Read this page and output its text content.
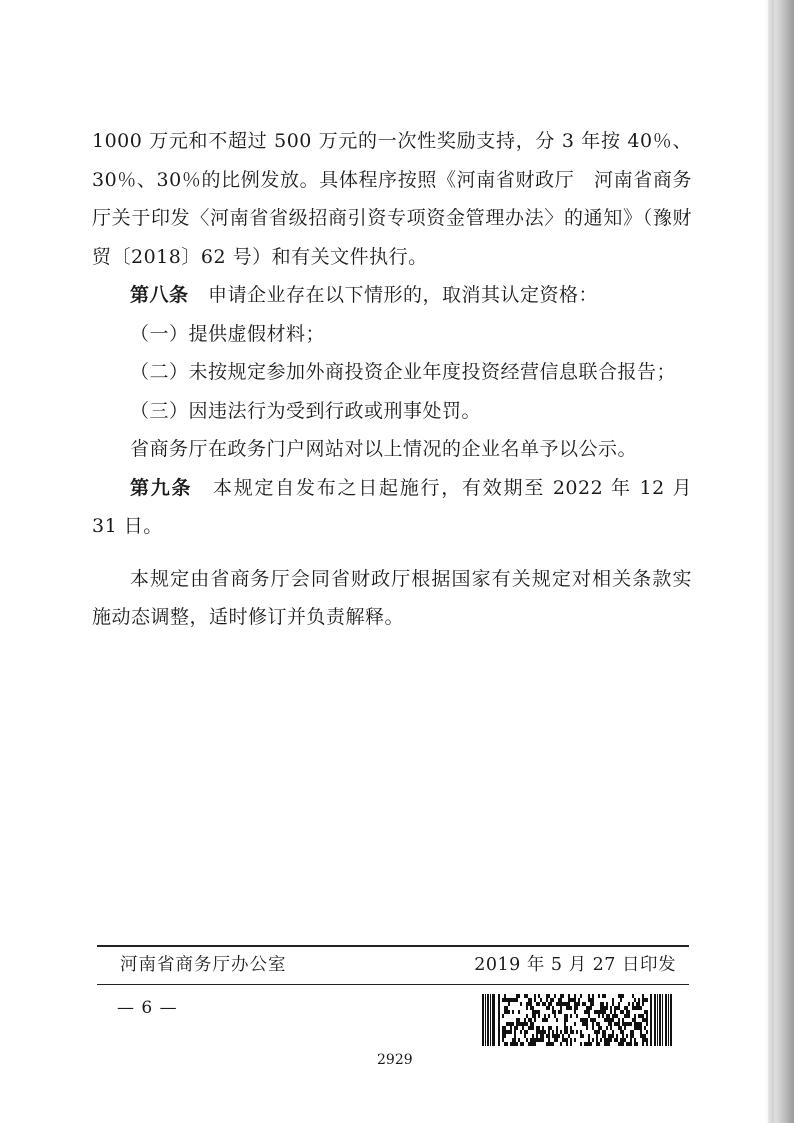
1000 万元和不超过 500 万元的一次性奖励支持，分 3 年按 40％、30％、30％的比例发放。具体程序按照《河南省财政厅　河南省商务厅关于印发〈河南省省级招商引资专项资金管理办法〉的通知》（豫财贸〔2018〕62 号）和有关文件执行。

第八条　 申请企业存在以下情形的，取消其认定资格：

（一）提供虚假材料；

（二）未按规定参加外商投资企业年度投资经营信息联合报告；

（三）因违法行为受到行政或刑事处罚。

省商务厅在政务门户网站对以上情况的企业名单予以公示。

第九条　 本规定自发布之日起施行，有效期至 2022 年 12 月 31 日。

本规定由省商务厅会同省财政厅根据国家有关规定对相关条款实施动态调整，适时修订并负责解释。

河南省商务厅办公室	2019 年 5 月 27 日印发
— 6 —
2929
